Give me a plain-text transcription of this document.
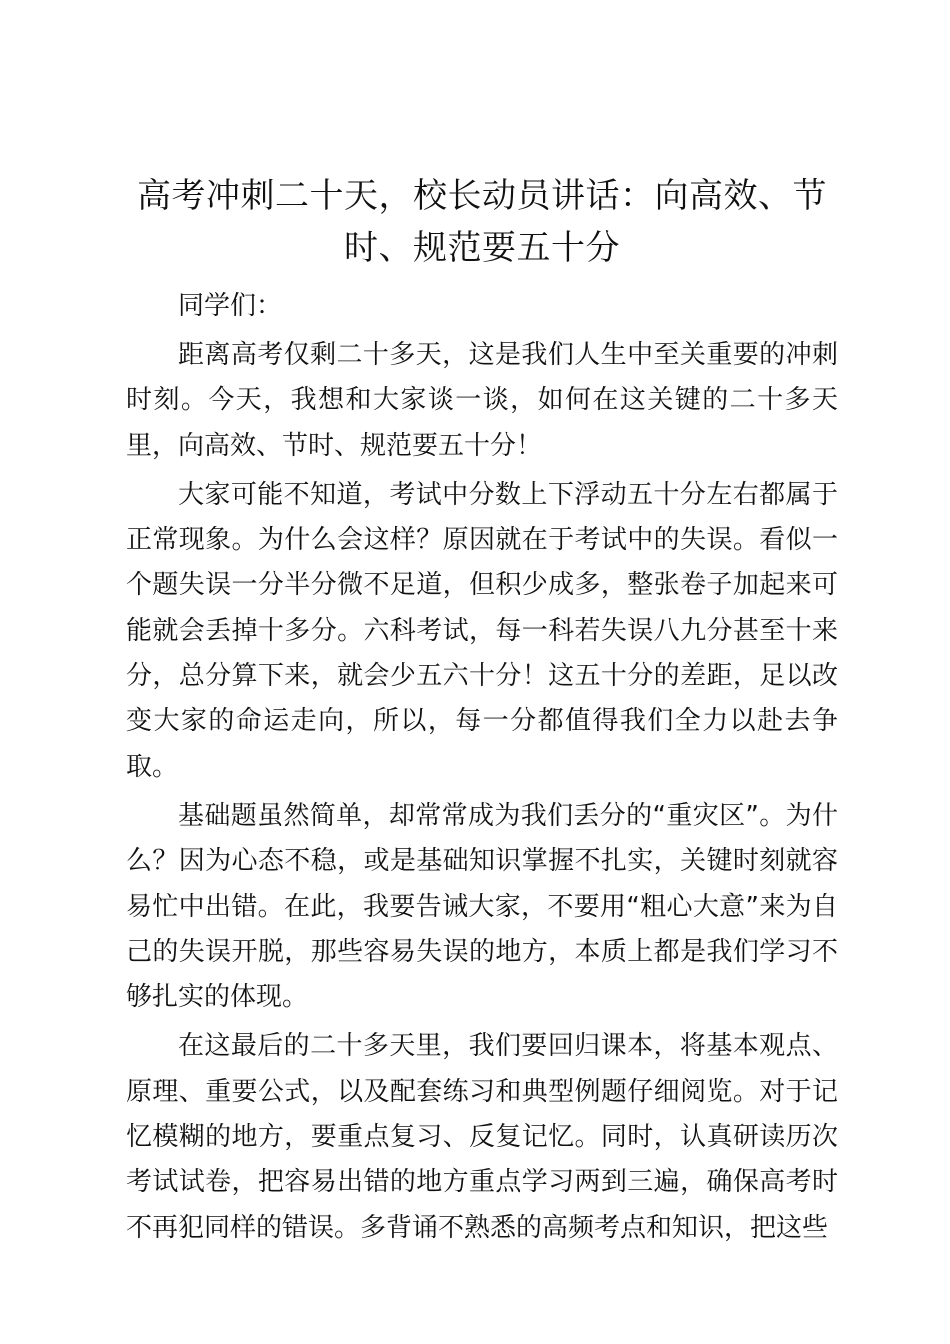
高考冲刺二十天，校长动员讲话：向高效、节时、规范要五十分

同学们：

距离高考仅剩二十多天，这是我们人生中至关重要的冲刺时刻。今天，我想和大家谈一谈，如何在这关键的二十多天里，向高效、节时、规范要五十分！

大家可能不知道，考试中分数上下浮动五十分左右都属于正常现象。为什么会这样？原因就在于考试中的失误。看似一个题失误一分半分微不足道，但积少成多，整张卷子加起来可能就会丢掉十多分。六科考试，每一科若失误八九分甚至十来分，总分算下来，就会少五六十分！这五十分的差距，足以改变大家的命运走向，所以，每一分都值得我们全力以赴去争取。

基础题虽然简单，却常常成为我们丢分的“重灾区”。为什么？因为心态不稳，或是基础知识掌握不扎实，关键时刻就容易忙中出错。在此，我要告诫大家，不要用“粗心大意”来为自己的失误开脱，那些容易失误的地方，本质上都是我们学习不够扎实的体现。

在这最后的二十多天里，我们要回归课本，将基本观点、原理、重要公式，以及配套练习和典型例题仔细阅览。对于记忆模糊的地方，要重点复习、反复记忆。同时，认真研读历次考试试卷，把容易出错的地方重点学习两到三遍，确保高考时不再犯同样的错误。多背诵不熟悉的高频考点和知识，把这些
